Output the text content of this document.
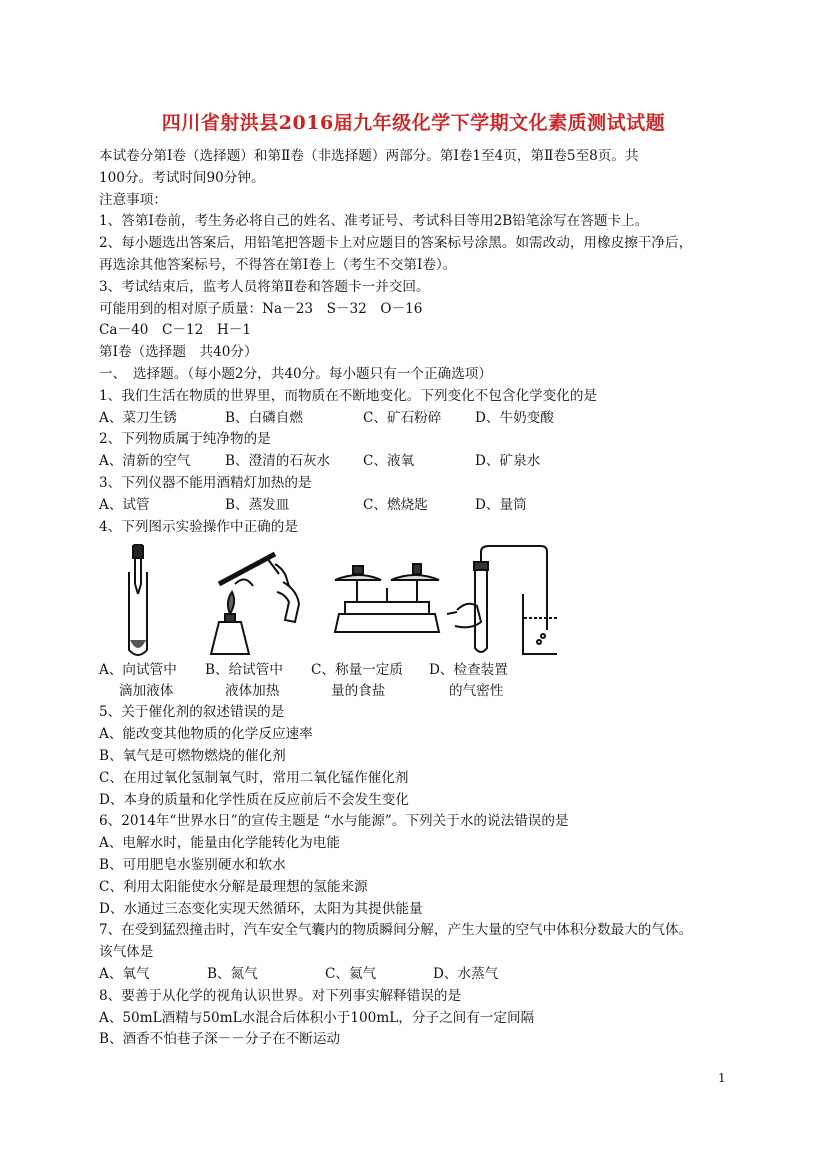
四川省射洪县2016届九年级化学下学期文化素质测试试题
本试卷分第Ⅰ卷（选择题）和第Ⅱ卷（非选择题）两部分。第Ⅰ卷1至4页，第Ⅱ卷5至8页。共
100分。考试时间90分钟。
注意事项：
1、答第Ⅰ卷前，考生务必将自己的姓名、准考证号、考试科目等用2B铅笔涂写在答题卡上。
2、每小题选出答案后，用铅笔把答题卡上对应题目的答案标号涂黑。如需改动，用橡皮擦干净后，
再选涂其他答案标号，不得答在第Ⅰ卷上（考生不交第Ⅰ卷）。
3、考试结束后，监考人员将第Ⅱ卷和答题卡一并交回。
可能用到的相对原子质量：Na－23　S－32　O－16
Ca－40　C－12　H－1
第Ⅰ卷（选择题　共40分）
一、　选择题。（每小题2分，共40分。每小题只有一个正确选项）
1、我们生活在物质的世界里，而物质在不断地变化。下列变化不包含化学变化的是
A、菜刀生锈	B、白磷自燃	C、矿石粉碎	D、牛奶变酸
2、下列物质属于纯净物的是
A、清新的空气	B、澄清的石灰水	C、液氧	D、矿泉水
3、下列仪器不能用酒精灯加热的是
A、试管	B、蒸发皿	C、燃烧匙	D、量筒
4、下列图示实验操作中正确的是
A、向试管中
滴加液体
B、给试管中
液体加热
C、称量一定质
量的食盐
D、检查装置
的气密性
5、关于催化剂的叙述错误的是
A、能改变其他物质的化学反应速率
B、氧气是可燃物燃烧的催化剂
C、在用过氧化氢制氧气时，常用二氧化锰作催化剂
D、本身的质量和化学性质在反应前后不会发生变化
6、2014年“世界水日”的宣传主题是 “水与能源”。下列关于水的说法错误的是
A、电解水时，能量由化学能转化为电能
B、可用肥皂水鉴别硬水和软水
C、利用太阳能使水分解是最理想的氢能来源
D、水通过三态变化实现天然循环，太阳为其提供能量
7、在受到猛烈撞击时，汽车安全气囊内的物质瞬间分解，产生大量的空气中体积分数最大的气体。
该气体是
A、氧气	B、氮气	C、氦气	D、水蒸气
8、要善于从化学的视角认识世界。对下列事实解释错误的是
A、50mL酒精与50mL水混合后体积小于100mL，分子之间有一定间隔
B、酒香不怕巷子深－－分子在不断运动
1
